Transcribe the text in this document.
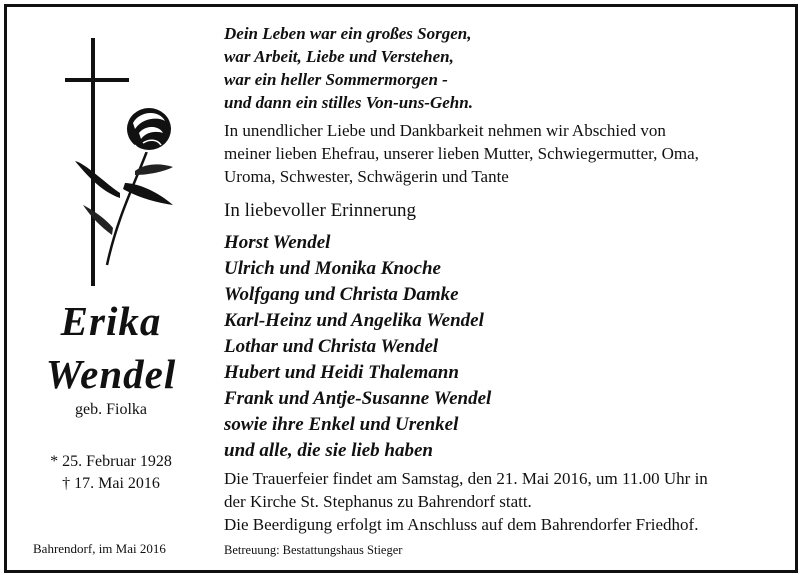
Erika
Wendel
geb. Fiolka
* 25. Februar 1928
† 17. Mai 2016
Bahrendorf, im Mai 2016
Dein Leben war ein großes Sorgen,
war Arbeit, Liebe und Verstehen,
war ein heller Sommermorgen -
und dann ein stilles Von-uns-Gehn.
In unendlicher Liebe und Dankbarkeit nehmen wir Abschied von
meiner lieben Ehefrau, unserer lieben Mutter, Schwiegermutter, Oma,
Uroma, Schwester, Schwägerin und Tante
In liebevoller Erinnerung
Horst Wendel
Ulrich und Monika Knoche
Wolfgang und Christa Damke
Karl-Heinz und Angelika Wendel
Lothar und Christa Wendel
Hubert und Heidi Thalemann
Frank und Antje-Susanne Wendel
sowie ihre Enkel und Urenkel
und alle, die sie lieb haben
Die Trauerfeier findet am Samstag, den 21. Mai 2016, um 11.00 Uhr in
der Kirche St. Stephanus zu Bahrendorf statt.
Die Beerdigung erfolgt im Anschluss auf dem Bahrendorfer Friedhof.
Betreuung: Bestattungshaus Stieger
